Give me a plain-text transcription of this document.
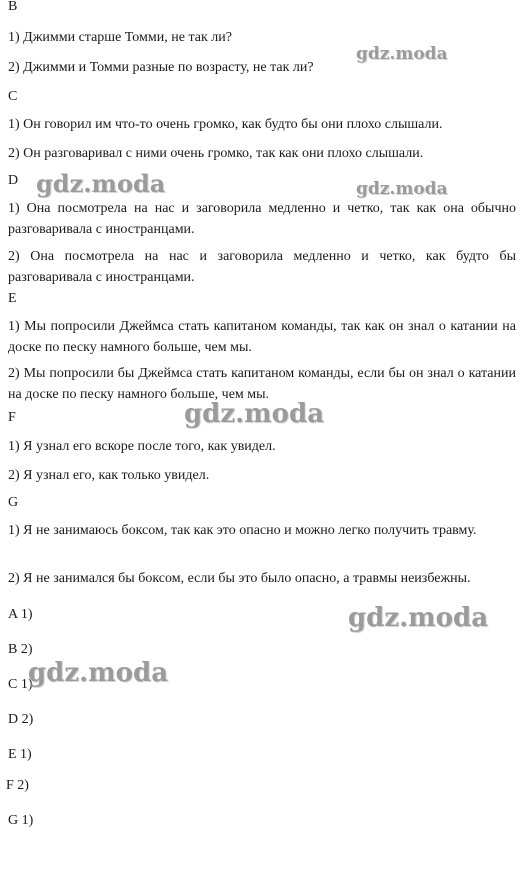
B
1) Джимми старше Томми, не так ли?
2) Джимми и Томми разные по возрасту, не так ли?
C
1) Он говорил им что-то очень громко, как будто бы они плохо слышали.
2) Он разговаривал с ними очень громко, так как они плохо слышали.
D
1) Она посмотрела на нас и заговорила медленно и четко, так как она обычно разговаривала с иностранцами.
2) Она посмотрела на нас и заговорила медленно и четко, как будто бы разговаривала с иностранцами.
E
1) Мы попросили Джеймса стать капитаном команды, так как он знал о катании на доске по песку намного больше, чем мы.
2) Мы попросили бы Джеймса стать капитаном команды, если бы он знал о катании на доске по песку намного больше, чем мы.
F
1) Я узнал его вскоре после того, как увидел.
2) Я узнал его, как только увидел.
G
1) Я не занимаюсь боксом, так как это опасно и можно легко получить травму.
2) Я не занимался бы боксом, если бы это было опасно, а травмы неизбежны.
A 1)
B 2)
C 1)
D 2)
E 1)
F 2)
G 1)
gdz.moda
gdz.moda	gdz.moda
gdz.moda
gdz.moda
gdz.moda
